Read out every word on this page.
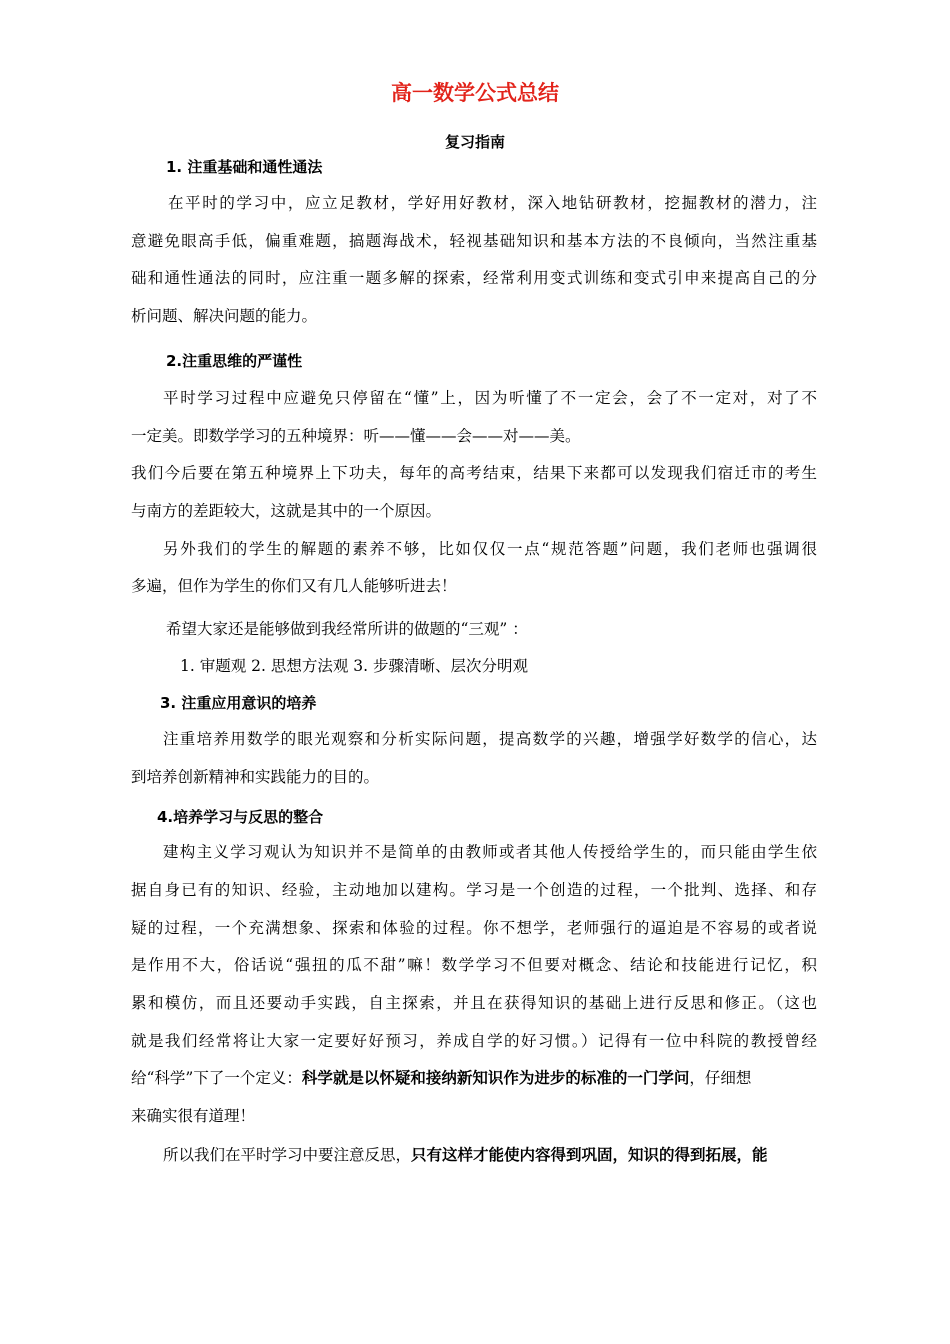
高一数学公式总结
复习指南
1. 注重基础和通性通法
在平时的学习中，应立足教材，学好用好教材，深入地钻研教材，挖掘教材的潜力，注
意避免眼高手低，偏重难题，搞题海战术，轻视基础知识和基本方法的不良倾向，当然注重基
础和通性通法的同时，应注重一题多解的探索，经常利用变式训练和变式引申来提高自己的分
析问题、解决问题的能力。
2.注重思维的严谨性
平时学习过程中应避免只停留在“懂”上，因为听懂了不一定会，会了不一定对，对了不
一定美。即数学学习的五种境界：听——懂——会——对——美。
我们今后要在第五种境界上下功夫，每年的高考结束，结果下来都可以发现我们宿迁市的考生
与南方的差距较大，这就是其中的一个原因。
另外我们的学生的解题的素养不够，比如仅仅一点“规范答题”问题，我们老师也强调很
多遍，但作为学生的你们又有几人能够听进去！
希望大家还是能够做到我经常所讲的做题的“三观” ：
1. 审题观 2. 思想方法观 3. 步骤清晰、层次分明观
3. 注重应用意识的培养
注重培养用数学的眼光观察和分析实际问题，提高数学的兴趣，增强学好数学的信心，达
到培养创新精神和实践能力的目的。
4.培养学习与反思的整合
建构主义学习观认为知识并不是简单的由教师或者其他人传授给学生的，而只能由学生依
据自身已有的知识、经验，主动地加以建构。学习是一个创造的过程，一个批判、选择、和存
疑的过程，一个充满想象、探索和体验的过程。你不想学，老师强行的逼迫是不容易的或者说
是作用不大，俗话说“强扭的瓜不甜”嘛！数学学习不但要对概念、结论和技能进行记忆，积
累和模仿，而且还要动手实践，自主探索，并且在获得知识的基础上进行反思和修正。（这也
就是我们经常将让大家一定要好好预习，养成自学的好习惯。）记得有一位中科院的教授曾经
给“科学”下了一个定义：科学就是以怀疑和接纳新知识作为进步的标准的一门学问，仔细想
来确实很有道理！
所以我们在平时学习中要注意反思，只有这样才能使内容得到巩固，知识的得到拓展，能
